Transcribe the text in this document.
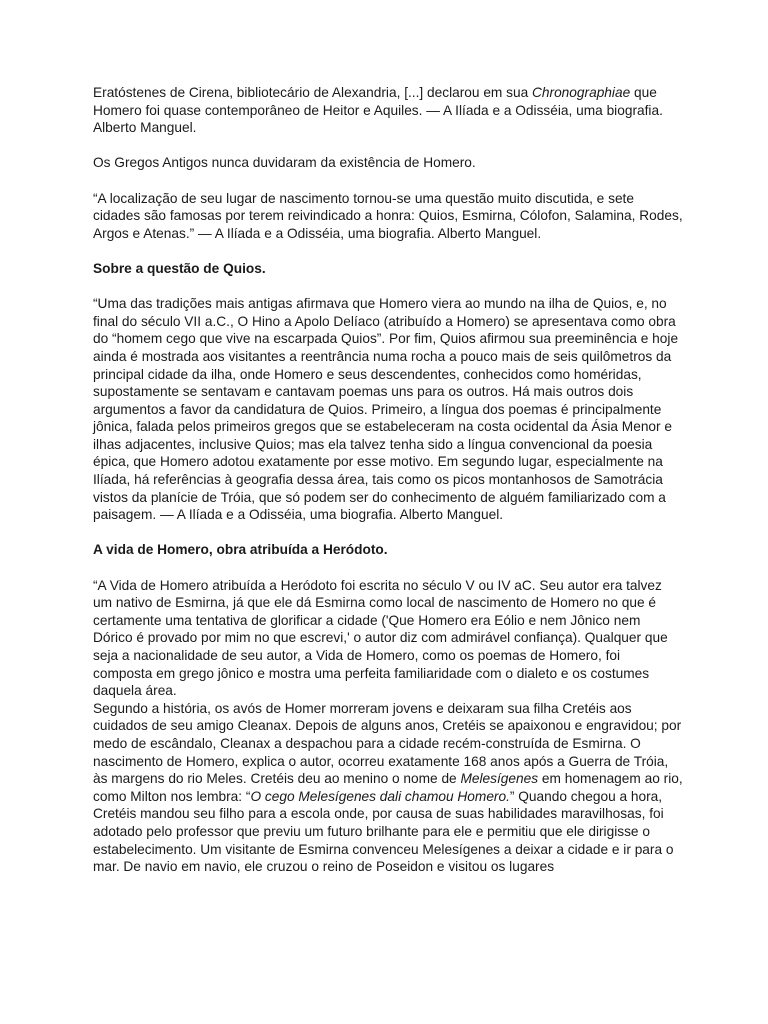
Eratóstenes de Cirena, bibliotecário de Alexandria, [...] declarou em sua Chronographiae que Homero foi quase contemporâneo de Heitor e Aquiles. — A Ilíada e a Odisséia, uma biografia. Alberto Manguel.

Os Gregos Antigos nunca duvidaram da existência de Homero.

“A localização de seu lugar de nascimento tornou-se uma questão muito discutida, e sete cidades são famosas por terem reivindicado a honra: Quios, Esmirna, Cólofon, Salamina, Rodes, Argos e Atenas.” — A Ilíada e a Odisséia, uma biografia. Alberto Manguel.

Sobre a questão de Quios.

“Uma das tradições mais antigas afirmava que Homero viera ao mundo na ilha de Quios, e, no final do século VII a.C., O Hino a Apolo Delíaco (atribuído a Homero) se apresentava como obra do “homem cego que vive na escarpada Quios”. Por fim, Quios afirmou sua preeminência e hoje ainda é mostrada aos visitantes a reentrância numa rocha a pouco mais de seis quilômetros da principal cidade da ilha, onde Homero e seus descendentes, conhecidos como homéridas, supostamente se sentavam e cantavam poemas uns para os outros. Há mais outros dois argumentos a favor da candidatura de Quios. Primeiro, a língua dos poemas é principalmente jônica, falada pelos primeiros gregos que se estabeleceram na costa ocidental da Ásia Menor e ilhas adjacentes, inclusive Quios; mas ela talvez tenha sido a língua convencional da poesia épica, que Homero adotou exatamente por esse motivo. Em segundo lugar, especialmente na Ilíada, há referências à geografia dessa área, tais como os picos montanhosos de Samotrácia vistos da planície de Tróia, que só podem ser do conhecimento de alguém familiarizado com a paisagem. — A Ilíada e a Odisséia, uma biografia. Alberto Manguel.

A vida de Homero, obra atribuída a Heródoto.

“A Vida de Homero atribuída a Heródoto foi escrita no século V ou IV aC. Seu autor era talvez um nativo de Esmirna, já que ele dá Esmirna como local de nascimento de Homero no que é certamente uma tentativa de glorificar a cidade ('Que Homero era Eólio e nem Jônico nem Dórico é provado por mim no que escrevi,' o autor diz com admirável confiança). Qualquer que seja a nacionalidade de seu autor, a Vida de Homero, como os poemas de Homero, foi composta em grego jônico e mostra uma perfeita familiaridade com o dialeto e os costumes daquela área.

Segundo a história, os avós de Homer morreram jovens e deixaram sua filha Cretéis aos cuidados de seu amigo Cleanax. Depois de alguns anos, Cretéis se apaixonou e engravidou; por medo de escândalo, Cleanax a despachou para a cidade recém-construída de Esmirna. O nascimento de Homero, explica o autor, ocorreu exatamente 168 anos após a Guerra de Tróia, às margens do rio Meles. Cretéis deu ao menino o nome de Melesígenes em homenagem ao rio, como Milton nos lembra: “O cego Melesígenes dali chamou Homero.” Quando chegou a hora, Cretéis mandou seu filho para a escola onde, por causa de suas habilidades maravilhosas, foi adotado pelo professor que previu um futuro brilhante para ele e permitiu que ele dirigisse o estabelecimento. Um visitante de Esmirna convenceu Melesígenes a deixar a cidade e ir para o mar. De navio em navio, ele cruzou o reino de Poseidon e visitou os lugares
